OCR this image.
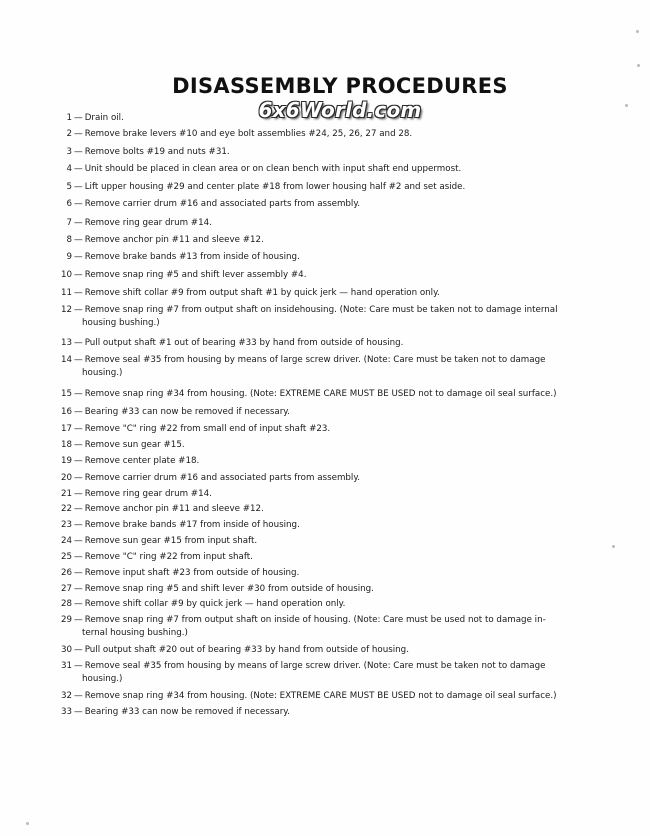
DISASSEMBLY PROCEDURES
6x6World.com
1 — Drain oil.
2 — Remove brake levers #10 and eye bolt assemblies #24, 25, 26, 27 and 28.
3 — Remove bolts #19 and nuts #31.
4 — Unit should be placed in clean area or on clean bench with input shaft end uppermost.
5 — Lift upper housing #29 and center plate #18 from lower housing half #2 and set aside.
6 — Remove carrier drum #16 and associated parts from assembly.
7 — Remove ring gear drum #14.
8 — Remove anchor pin #11 and sleeve #12.
9 — Remove brake bands #13 from inside of housing.
10 — Remove snap ring #5 and shift lever assembly #4.
11 — Remove shift collar #9 from output shaft #1 by quick jerk — hand operation only.
12 — Remove snap ring #7 from output shaft on insidehousing. (Note: Care must be taken not to damage internal
housing bushing.)
13 — Pull output shaft #1 out of bearing #33 by hand from outside of housing.
14 — Remove seal #35 from housing by means of large screw driver. (Note: Care must be taken not to damage
housing.)
15 — Remove snap ring #34 from housing. (Note: EXTREME CARE MUST BE USED not to damage oil seal surface.)
16 — Bearing #33 can now be removed if necessary.
17 — Remove "C" ring #22 from small end of input shaft #23.
18 — Remove sun gear #15.
19 — Remove center plate #18.
20 — Remove carrier drum #16 and associated parts from assembly.
21 — Remove ring gear drum #14.
22 — Remove anchor pin #11 and sleeve #12.
23 — Remove brake bands #17 from inside of housing.
24 — Remove sun gear #15 from input shaft.
25 — Remove "C" ring #22 from input shaft.
26 — Remove input shaft #23 from outside of housing.
27 — Remove snap ring #5 and shift lever #30 from outside of housing.
28 — Remove shift collar #9 by quick jerk — hand operation only.
29 — Remove snap ring #7 from output shaft on inside of housing. (Note: Care must be used not to damage in-
ternal housing bushing.)
30 — Pull output shaft #20 out of bearing #33 by hand from outside of housing.
31 — Remove seal #35 from housing by means of large screw driver. (Note: Care must be taken not to damage
housing.)
32 — Remove snap ring #34 from housing. (Note: EXTREME CARE MUST BE USED not to damage oil seal surface.)
33 — Bearing #33 can now be removed if necessary.
